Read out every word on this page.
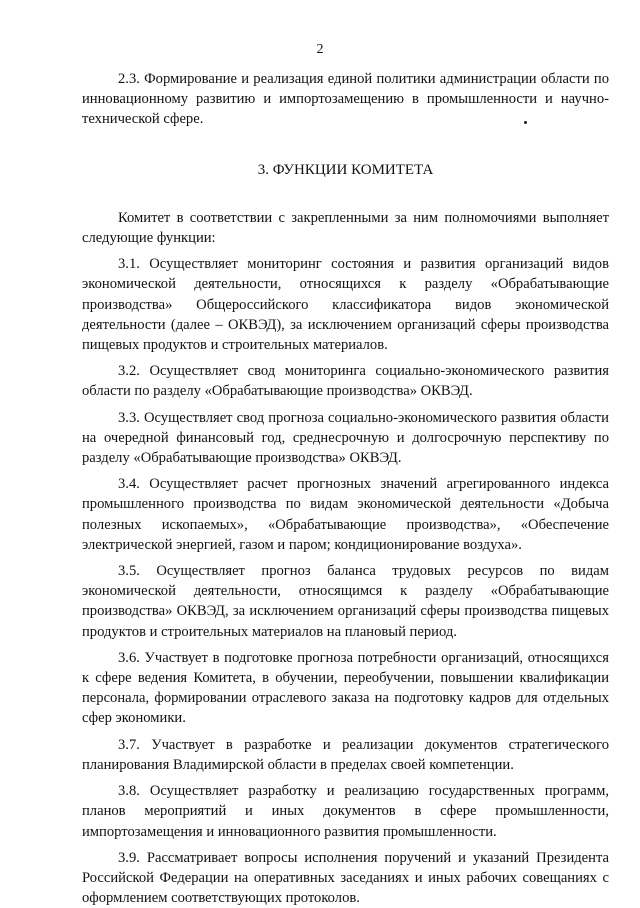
2

2.3. Формирование и реализация единой политики администрации области по инновационному развитию и импортозамещению в промышленности и научно-технической сфере.

3. ФУНКЦИИ КОМИТЕТА

Комитет в соответствии с закрепленными за ним полномочиями выполняет следующие функции:

3.1. Осуществляет мониторинг состояния и развития организаций видов экономической деятельности, относящихся к разделу «Обрабатывающие производства» Общероссийского классификатора видов экономической деятельности (далее – ОКВЭД), за исключением организаций сферы производства пищевых продуктов и строительных материалов.

3.2. Осуществляет свод мониторинга социально-экономического развития области по разделу «Обрабатывающие производства» ОКВЭД.

3.3. Осуществляет свод прогноза социально-экономического развития области на очередной финансовый год, среднесрочную и долгосрочную перспективу по разделу «Обрабатывающие производства» ОКВЭД.

3.4. Осуществляет расчет прогнозных значений агрегированного индекса промышленного производства по видам экономической деятельности «Добыча полезных ископаемых», «Обрабатывающие производства», «Обеспечение электрической энергией, газом и паром; кондиционирование воздуха».

3.5. Осуществляет прогноз баланса трудовых ресурсов по видам экономической деятельности, относящимся к разделу «Обрабатывающие производства» ОКВЭД, за исключением организаций сферы производства пищевых продуктов и строительных материалов на плановый период.

3.6. Участвует в подготовке прогноза потребности организаций, относящихся к сфере ведения Комитета, в обучении, переобучении, повышении квалификации персонала, формировании отраслевого заказа на подготовку кадров для отдельных сфер экономики.

3.7. Участвует в разработке и реализации документов стратегического планирования Владимирской области в пределах своей компетенции.

3.8. Осуществляет разработку и реализацию государственных программ, планов мероприятий и иных документов в сфере промышленности, импортозамещения и инновационного развития промышленности.

3.9. Рассматривает вопросы исполнения поручений и указаний Президента Российской Федерации на оперативных заседаниях и иных рабочих совещаниях с оформлением соответствующих протоколов.
